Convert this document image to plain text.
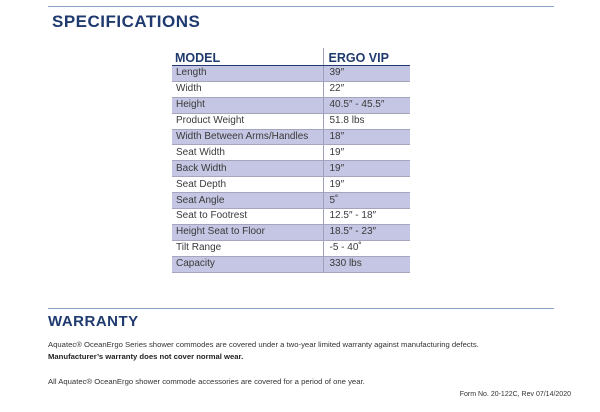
SPECIFICATIONS
MODEL	ERGO VIP
Length	39″
Width	22″
Height	40.5″ - 45.5″
Product Weight	51.8 lbs
Width Between Arms/Handles	18″
Seat Width	19″
Back Width	19″
Seat Depth	19″
Seat Angle	5˚
Seat to Footrest	12.5″ - 18″
Height Seat to Floor	18.5″ - 23″
Tilt Range	-5 - 40˚
Capacity	330 lbs
WARRANTY

Aquatec® OceanErgo Series shower commodes are covered under a two-year limited warranty against manufacturing defects.

Manufacturer’s warranty does not cover normal wear.

All Aquatec® OceanErgo shower commode accessories are covered for a period of one year.

Form No. 20-122C, Rev 07/14/2020
